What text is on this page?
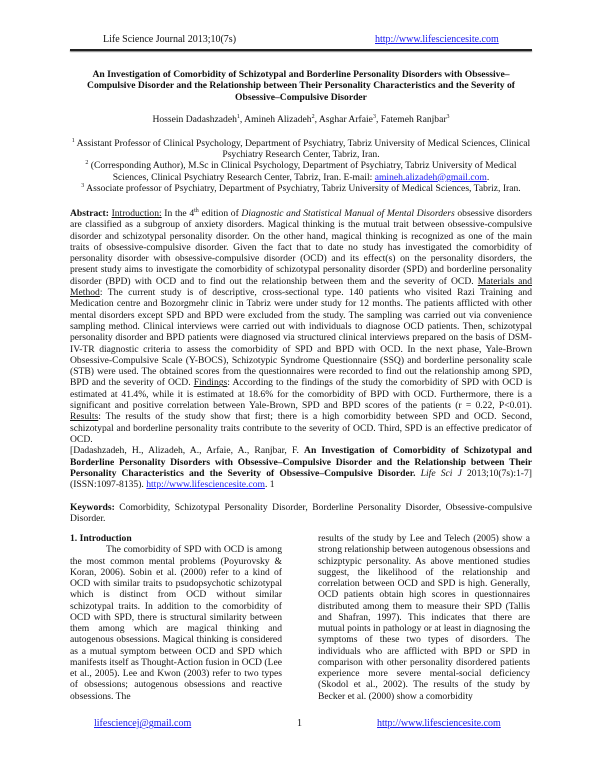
Life Science Journal 2013;10(7s)	http://www.lifesciencesite.com
An Investigation of Comorbidity of Schizotypal and Borderline Personality Disorders with Obsessive–Compulsive Disorder and the Relationship between Their Personality Characteristics and the Severity of Obsessive–Compulsive Disorder
Hossein Dadashzadeh$^1$, Amineh Alizadeh$^2$, Asghar Arfaie$^3$, Fatemeh Ranjbar$^3$

$^1$ Assistant Professor of Clinical Psychology, Department of Psychiatry, Tabriz University of Medical Sciences, Clinical Psychiatry Research Center, Tabriz, Iran.

$^2$ (Corresponding Author), M.Sc in Clinical Psychology, Department of Psychiatry, Tabriz University of Medical Sciences, Clinical Psychiatry Research Center, Tabriz, Iran. E-mail: amineh.alizadeh@gmail.com.

$^3$ Associate professor of Psychiatry, Department of Psychiatry, Tabriz University of Medical Sciences, Tabriz, Iran.

Abstract: Introduction: In the 4th edition of Diagnostic and Statistical Manual of Mental Disorders obsessive disorders are classified as a subgroup of anxiety disorders. Magical thinking is the mutual trait between obsessive-compulsive disorder and schizotypal personality disorder. On the other hand, magical thinking is recognized as one of the main traits of obsessive-compulsive disorder. Given the fact that to date no study has investigated the comorbidity of personality disorder with obsessive-compulsive disorder (OCD) and its effect(s) on the personality disorders, the present study aims to investigate the comorbidity of schizotypal personality disorder (SPD) and borderline personality disorder (BPD) with OCD and to find out the relationship between them and the severity of OCD. Materials and Method: The current study is of descriptive, cross-sectional type. 140 patients who visited Razi Training and Medication centre and Bozorgmehr clinic in Tabriz were under study for 12 months. The patients afflicted with other mental disorders except SPD and BPD were excluded from the study. The sampling was carried out via convenience sampling method. Clinical interviews were carried out with individuals to diagnose OCD patients. Then, schizotypal personality disorder and BPD patients were diagnosed via structured clinical interviews prepared on the basis of DSM-IV-TR diagnostic criteria to assess the comorbidity of SPD and BPD with OCD. In the next phase, Yale-Brown Obsessive-Compulsive Scale (Y-BOCS), Schizotypic Syndrome Questionnaire (SSQ) and borderline personality scale (STB) were used. The obtained scores from the questionnaires were recorded to find out the relationship among SPD, BPD and the severity of OCD. Findings: According to the findings of the study the comorbidity of SPD with OCD is estimated at 41.4%, while it is estimated at 18.6% for the comorbidity of BPD with OCD. Furthermore, there is a significant and positive correlation between Yale-Brown, SPD and BPD scores of the patients (r = 0.22, P<0.01). Results: The results of the study show that first; there is a high comorbidity between SPD and OCD. Second, schizotypal and borderline personality traits contribute to the severity of OCD. Third, SPD is an effective predicator of OCD.

[Dadashzadeh, H., Alizadeh, A., Arfaie, A., Ranjbar, F. An Investigation of Comorbidity of Schizotypal and Borderline Personality Disorders with Obsessive–Compulsive Disorder and the Relationship between Their Personality Characteristics and the Severity of Obsessive–Compulsive Disorder. Life Sci J 2013;10(7s):1-7] (ISSN:1097-8135). http://www.lifesciencesite.com. 1

Keywords: Comorbidity, Schizotypal Personality Disorder, Borderline Personality Disorder, Obsessive-compulsive Disorder.

1. Introduction

The comorbidity of SPD with OCD is among the most common mental problems (Poyurovsky & Koran, 2006). Sobin et al. (2000) refer to a kind of OCD with similar traits to psudopsychotic schizotypal which is distinct from OCD without similar schizotypal traits. In addition to the comorbidity of OCD with SPD, there is structural similarity between them among which are magical thinking and autogenous obsessions. Magical thinking is considered as a mutual symptom between OCD and SPD which manifests itself as Thought-Action fusion in OCD (Lee et al., 2005). Lee and Kwon (2003) refer to two types of obsessions; autogenous obsessions and reactive obsessions. The

results of the study by Lee and Telech (2005) show a strong relationship between autogenous obsessions and schizptypic personality. As above mentioned studies suggest, the likelihood of the relationship and correlation between OCD and SPD is high. Generally, OCD patients obtain high scores in questionnaires distributed among them to measure their SPD (Tallis and Shafran, 1997). This indicates that there are mutual points in pathology or at least in diagnosing the symptoms of these two types of disorders. The individuals who are afflicted with BPD or SPD in comparison with other personality disordered patients experience more severe mental-social deficiency (Skodol et al., 2002). The results of the study by Becker et al. (2000) show a comorbidity

lifesciencej@gmail.com	1	http://www.lifesciencesite.com
